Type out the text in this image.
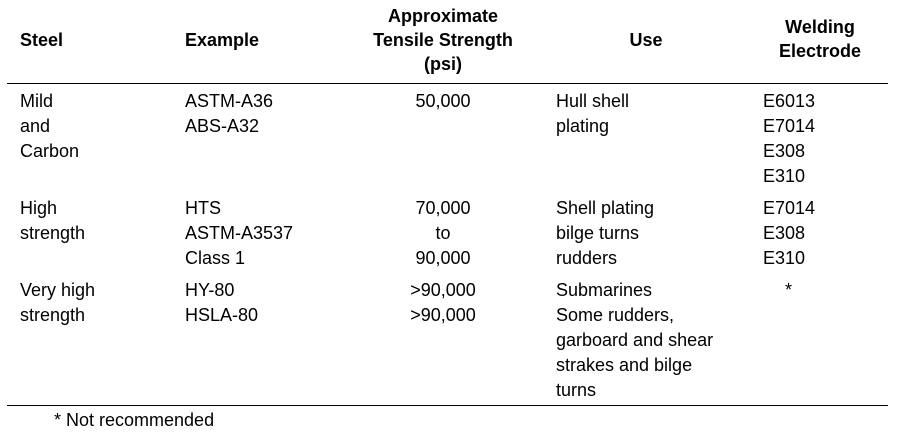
Steel	Example
Approximate
Tensile Strength
(psi)
Use
Welding
Electrode
Mild
and
Carbon
ASTM-A36
ABS-A32
50,000	Hull shell
plating
E6013
E7014
E308
E310
High
strength
HTS
ASTM-A3537
Class 1
70,000
to
90,000
Shell plating
bilge turns
rudders
E7014
E308
E310
Very high
strength
HY-80
HSLA-80
>90,000
>90,000
Submarines
Some rudders,
garboard and shear
strakes and bilge
turns
*
* Not recommended
